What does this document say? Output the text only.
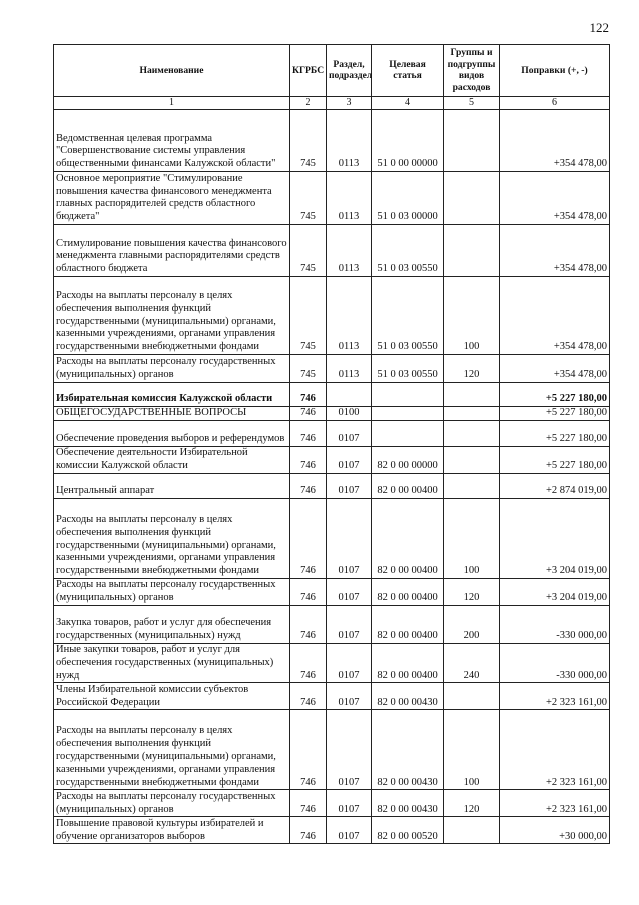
122
Наименование	КГРБС	Раздел, подраздел	Целевая статья	Группы и подгруппы видов расходов	Поправки (+, -)
1	2	3	4	5	6
Ведомственная целевая программа "Совершенствование системы управления общественными финансами Калужской области"	745	0113	51 0 00 00000		+354 478,00
Основное мероприятие "Стимулирование повышения качества финансового менеджмента главных распорядителей средств областного бюджета"	745	0113	51 0 03 00000		+354 478,00
Стимулирование повышения качества финансового менеджмента главными распорядителями средств областного бюджета	745	0113	51 0 03 00550		+354 478,00
Расходы на выплаты персоналу в целях обеспечения выполнения функций государственными (муниципальными) органами, казенными учреждениями, органами управления государственными внебюджетными фондами	745	0113	51 0 03 00550	100	+354 478,00
Расходы на выплаты персоналу государственных (муниципальных) органов	745	0113	51 0 03 00550	120	+354 478,00
Избирательная комиссия Калужской области	746				+5 227 180,00
ОБЩЕГОСУДАРСТВЕННЫЕ ВОПРОСЫ	746	0100			+5 227 180,00
Обеспечение проведения выборов и референдумов	746	0107			+5 227 180,00
Обеспечение деятельности Избирательной комиссии Калужской области	746	0107	82 0 00 00000		+5 227 180,00
Центральный аппарат	746	0107	82 0 00 00400		+2 874 019,00
Расходы на выплаты персоналу в целях обеспечения выполнения функций государственными (муниципальными) органами, казенными учреждениями, органами управления государственными внебюджетными фондами	746	0107	82 0 00 00400	100	+3 204 019,00
Расходы на выплаты персоналу государственных (муниципальных) органов	746	0107	82 0 00 00400	120	+3 204 019,00
Закупка товаров, работ и услуг для обеспечения государственных (муниципальных) нужд	746	0107	82 0 00 00400	200	-330 000,00
Иные закупки товаров, работ и услуг для обеспечения государственных (муниципальных) нужд	746	0107	82 0 00 00400	240	-330 000,00
Члены Избирательной комиссии субъектов Российской Федерации	746	0107	82 0 00 00430		+2 323 161,00
Расходы на выплаты персоналу в целях обеспечения выполнения функций государственными (муниципальными) органами, казенными учреждениями, органами управления государственными внебюджетными фондами	746	0107	82 0 00 00430	100	+2 323 161,00
Расходы на выплаты персоналу государственных (муниципальных) органов	746	0107	82 0 00 00430	120	+2 323 161,00
Повышение правовой культуры избирателей и обучение организаторов выборов	746	0107	82 0 00 00520		+30 000,00
